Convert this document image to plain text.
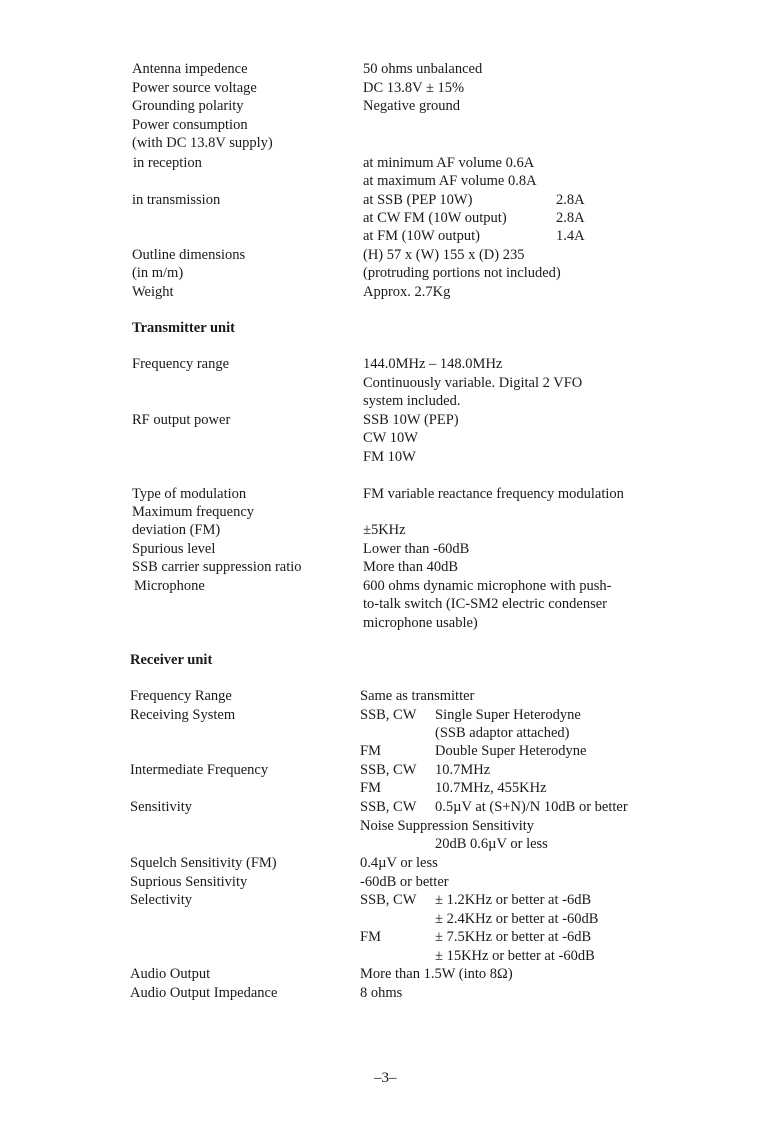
Antenna impedence	50 ohms unbalanced
Power source voltage	DC 13.8V ± 15%
Grounding polarity	Negative ground
Power consumption
(with DC 13.8V supply)
in reception	at minimum AF volume 0.6A
at maximum AF volume 0.8A
in transmission	at SSB (PEP 10W)	2.8A
at CW FM (10W output)	2.8A
at FM (10W output)	1.4A
Outline dimensions	(H) 57 x (W) 155 x (D) 235
(in m/m)	(protruding portions not included)
Weight	Approx. 2.7Kg
Transmitter unit
Frequency range	144.0MHz – 148.0MHz
Continuously variable. Digital 2 VFO
system included.
RF output power	SSB 10W (PEP)
CW 10W
FM 10W
Type of modulation	FM variable reactance frequency modulation
Maximum frequency
deviation (FM)	±5KHz
Spurious level	Lower than -60dB
SSB carrier suppression ratio	More than 40dB
Microphone	600 ohms dynamic microphone with push-
to-talk switch (IC-SM2 electric condenser
microphone usable)
Receiver unit
Frequency Range	Same as transmitter
Receiving System	SSB, CW Single Super Heterodyne
(SSB adaptor attached)
FM	Double Super Heterodyne
Intermediate Frequency	SSB, CW 10.7MHz
FM	10.7MHz, 455KHz
Sensitivity	SSB, CW 0.5µV at (S+N)/N 10dB or better
Noise Suppression Sensitivity
20dB 0.6µV or less
Squelch Sensitivity (FM)	0.4µV or less
Suprious Sensitivity	-60dB or better
Selectivity	SSB, CW ± 1.2KHz or better at -6dB
± 2.4KHz or better at -60dB
FM	± 7.5KHz or better at -6dB
± 15KHz or better at -60dB
Audio Output	More than 1.5W (into 8Ω)
Audio Output Impedance	8 ohms
–3–
